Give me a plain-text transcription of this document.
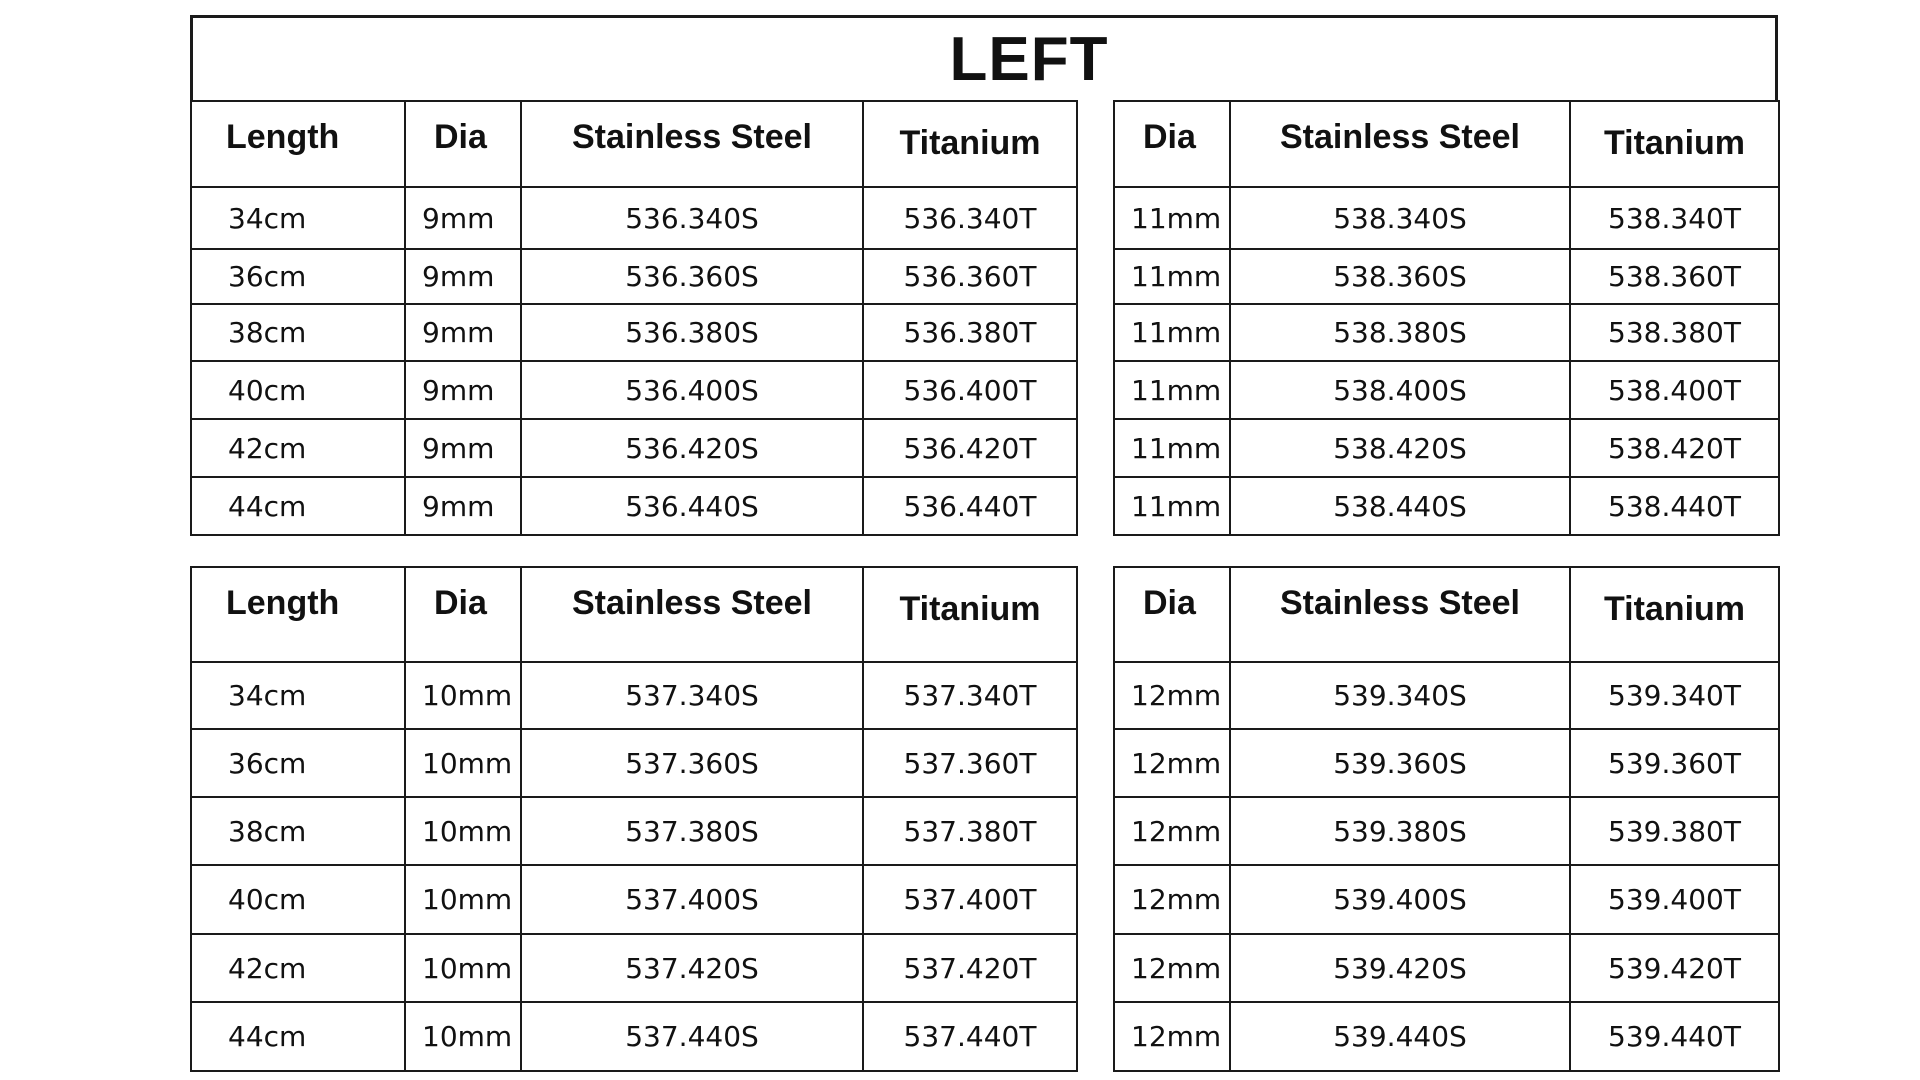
LEFT
Length	Dia	Stainless Steel	Titanium
34cm	9mm	536.340S	536.340T
36cm	9mm	536.360S	536.360T
38cm	9mm	536.380S	536.380T
40cm	9mm	536.400S	536.400T
42cm	9mm	536.420S	536.420T
44cm	9mm	536.440S	536.440T
Dia	Stainless Steel	Titanium
11mm	538.340S	538.340T
11mm	538.360S	538.360T
11mm	538.380S	538.380T
11mm	538.400S	538.400T
11mm	538.420S	538.420T
11mm	538.440S	538.440T
Length	Dia	Stainless Steel	Titanium
34cm	10mm	537.340S	537.340T
36cm	10mm	537.360S	537.360T
38cm	10mm	537.380S	537.380T
40cm	10mm	537.400S	537.400T
42cm	10mm	537.420S	537.420T
44cm	10mm	537.440S	537.440T
Dia	Stainless Steel	Titanium
12mm	539.340S	539.340T
12mm	539.360S	539.360T
12mm	539.380S	539.380T
12mm	539.400S	539.400T
12mm	539.420S	539.420T
12mm	539.440S	539.440T
